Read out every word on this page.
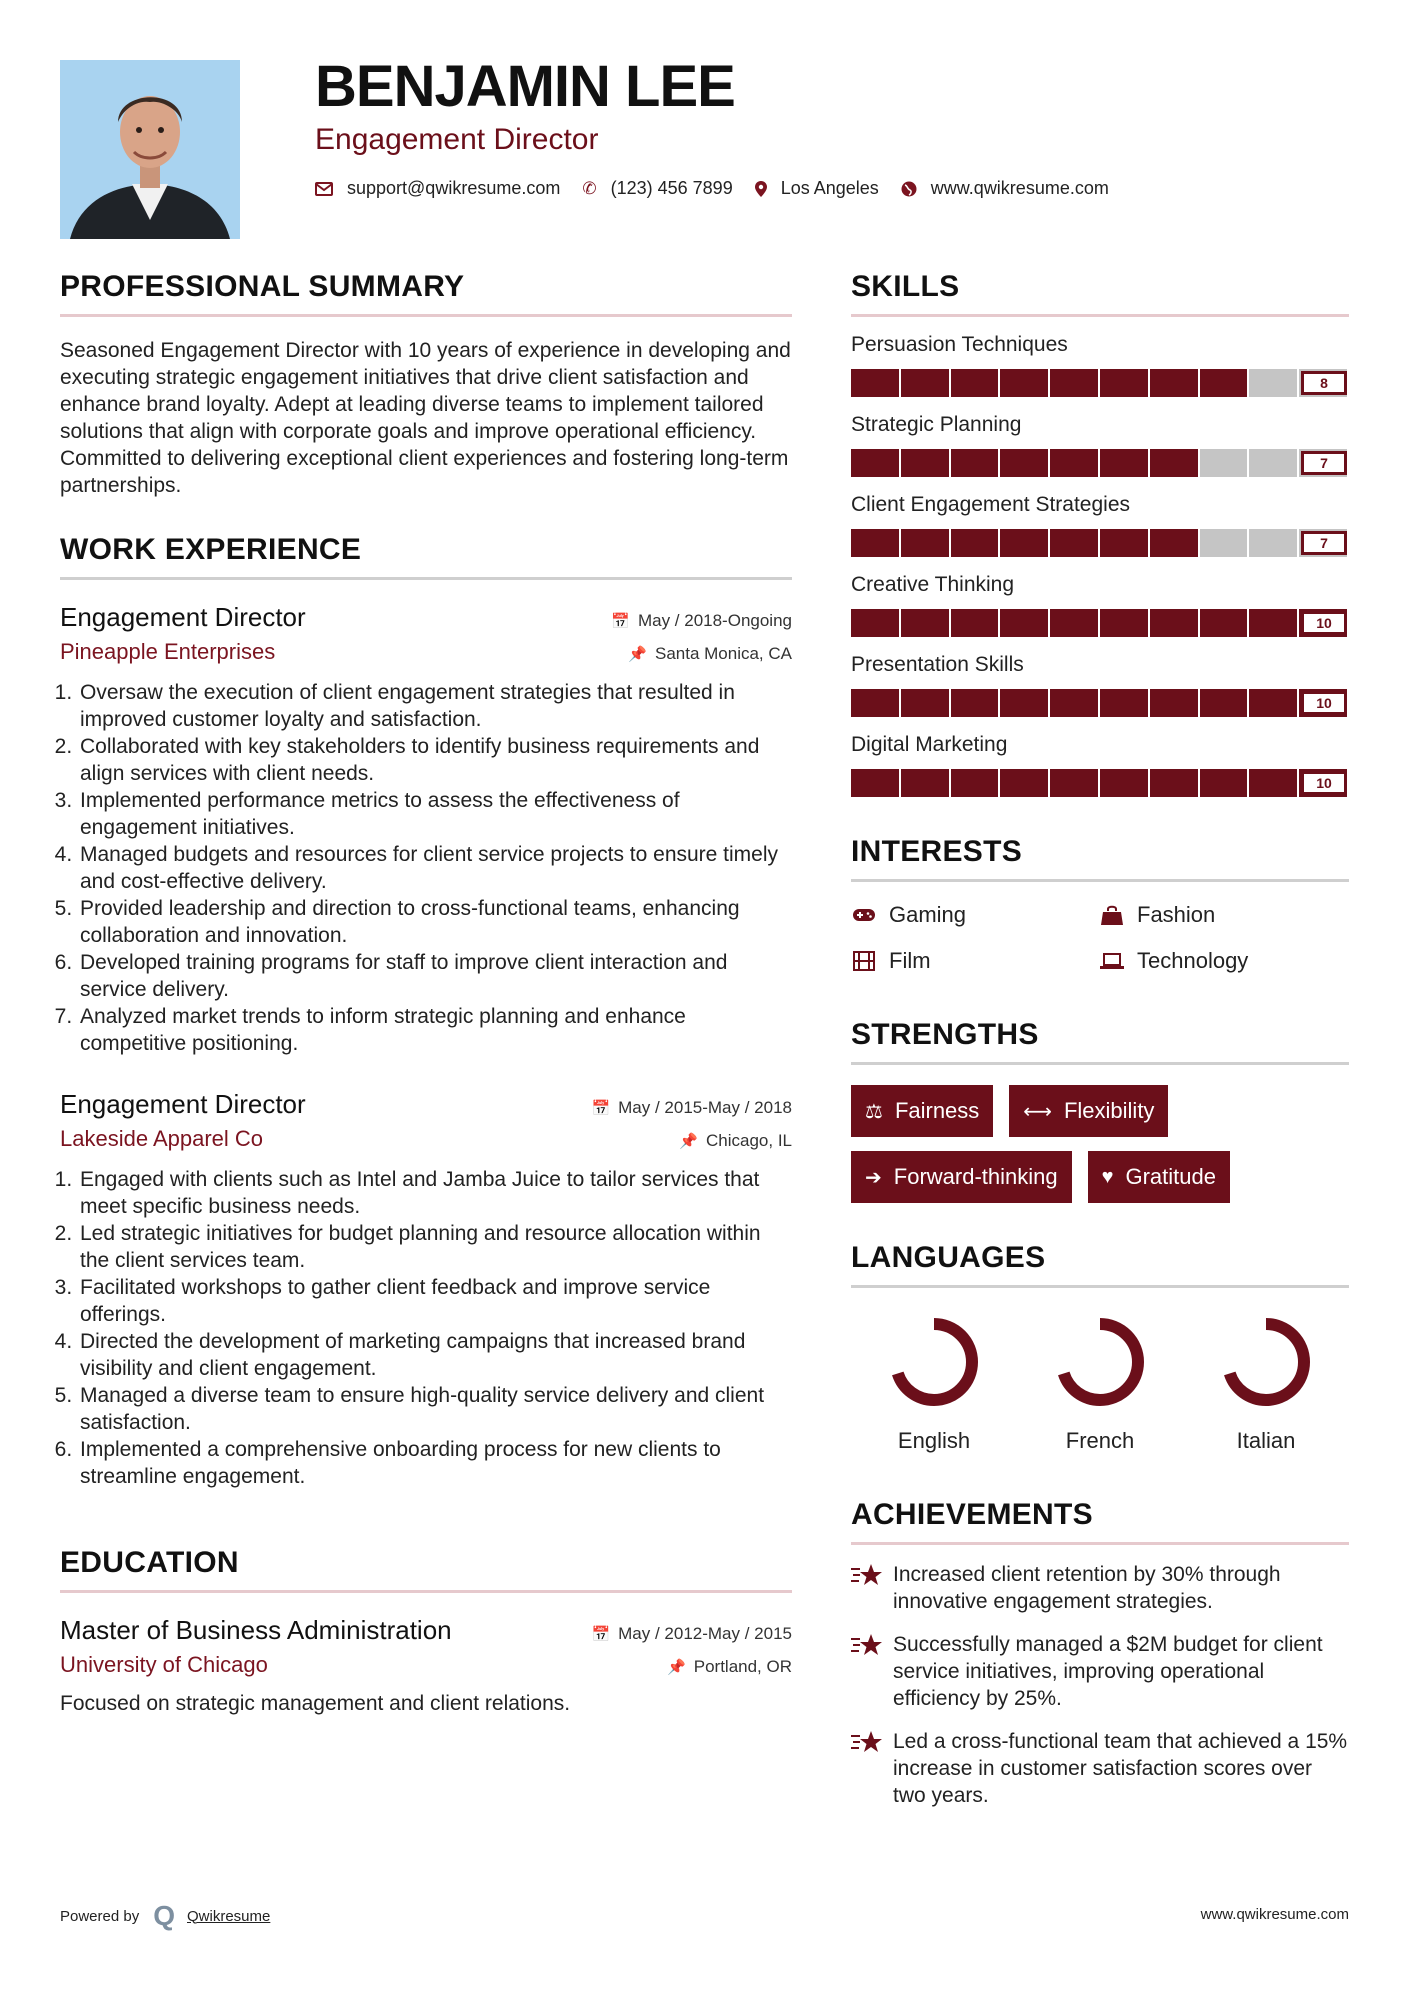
BENJAMIN LEE
Engagement Director
support@qwikresume.com ✆ (123) 456 7899	Los Angeles	www.qwikresume.com
PROFESSIONAL SUMMARY

Seasoned Engagement Director with 10 years of experience in developing and executing strategic engagement initiatives that drive client satisfaction and enhance brand loyalty. Adept at leading diverse teams to implement tailored solutions that align with corporate goals and improve operational efficiency. Committed to delivering exceptional client experiences and fostering long-term partnerships.

WORK EXPERIENCE
Engagement Director	📅 May / 2018-Ongoing
Pineapple Enterprises	📌 Santa Monica, CA
1. Oversaw the execution of client engagement strategies that resulted in improved customer loyalty and satisfaction.
2. Collaborated with key stakeholders to identify business requirements and align services with client needs.
3. Implemented performance metrics to assess the effectiveness of engagement initiatives.
4. Managed budgets and resources for client service projects to ensure timely and cost-effective delivery.
5. Provided leadership and direction to cross-functional teams, enhancing collaboration and innovation.
6. Developed training programs for staff to improve client interaction and service delivery.
7. Analyzed market trends to inform strategic planning and enhance competitive positioning.
Engagement Director	📅 May / 2015-May / 2018
Lakeside Apparel Co	📌 Chicago, IL
1. Engaged with clients such as Intel and Jamba Juice to tailor services that meet specific business needs.
2. Led strategic initiatives for budget planning and resource allocation within the client services team.
3. Facilitated workshops to gather client feedback and improve service offerings.
4. Directed the development of marketing campaigns that increased brand visibility and client engagement.
5. Managed a diverse team to ensure high-quality service delivery and client satisfaction.
6. Implemented a comprehensive onboarding process for new clients to streamline engagement.
EDUCATION
Master of Business Administration	📅 May / 2012-May / 2015
University of Chicago	📌 Portland, OR

Focused on strategic management and client relations.

SKILLS
Persuasion Techniques
8
Strategic Planning
7
Client Engagement Strategies
7
Creative Thinking
10
Presentation Skills
10
Digital Marketing
10
INTERESTS
Gaming	Fashion
Film	Technology
STRENGTHS
⚖ Fairness ⟷ Flexibility
➔ Forward-thinking ♥ Gratitude
LANGUAGES
English	French	Italian
ACHIEVEMENTS
Increased client retention by 30% through innovative engagement strategies.
Successfully managed a $2M budget for client service initiatives, improving operational efficiency by 25%.
Led a cross-functional team that achieved a 15% increase in customer satisfaction scores over two years.
Powered by Q Qwikresume	www.qwikresume.com
